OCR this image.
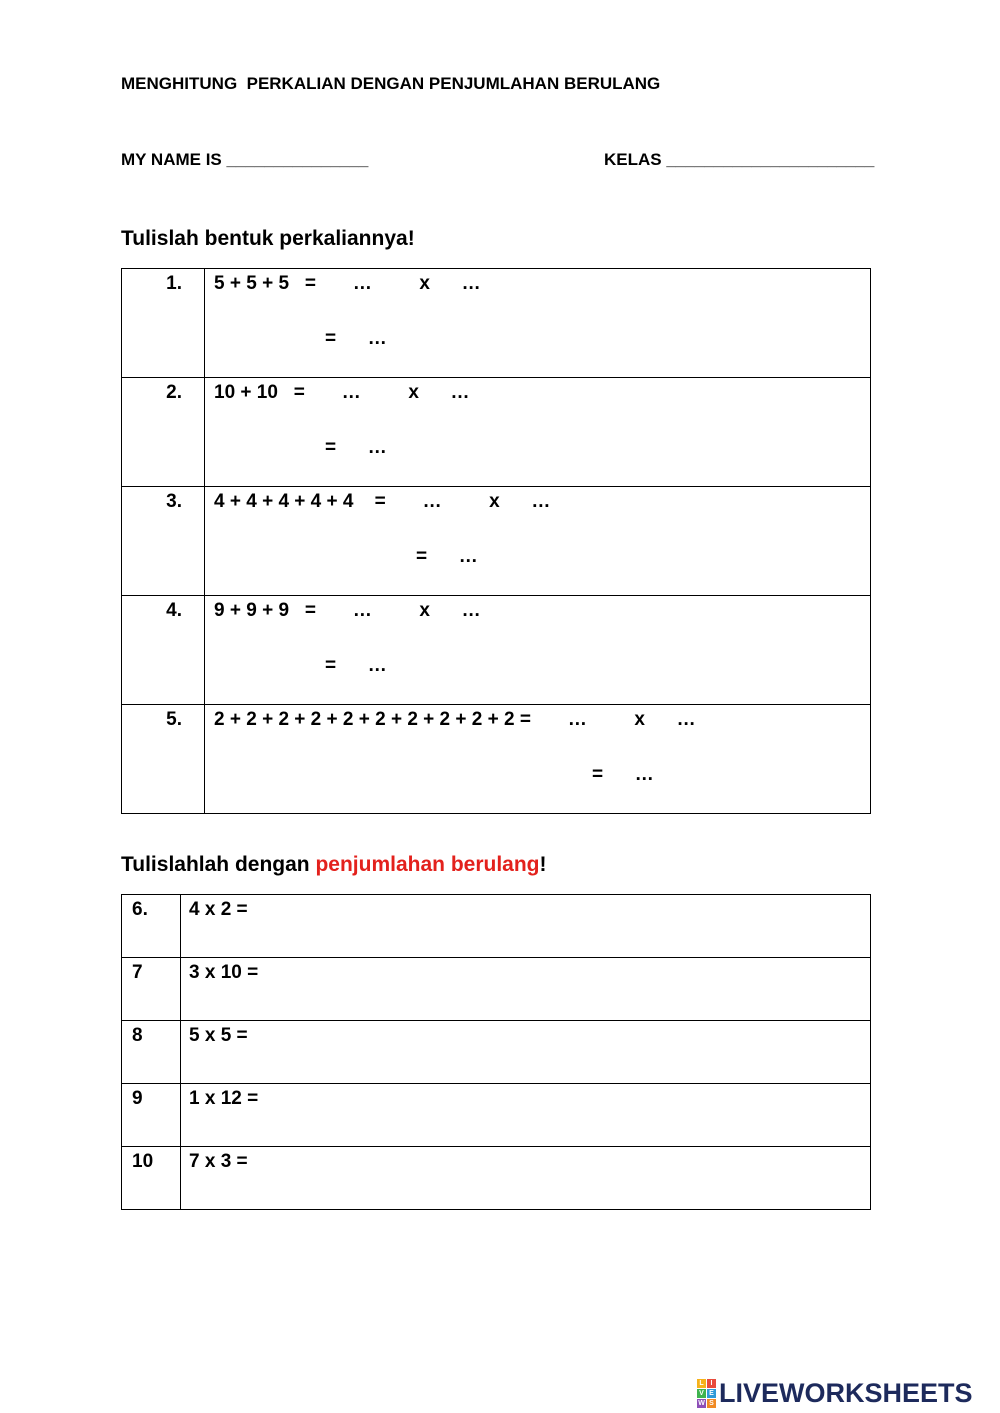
MENGHITUNG  PERKALIAN DENGAN PENJUMLAHAN BERULANG
MY NAME IS _______________	KELAS ______________________
Tulislah bentuk perkaliannya!
1.	5 + 5 + 5   =       …         x      …
=      …

2.	10 + 10   =       …         x      …
=      …

3.	4 + 4 + 4 + 4 + 4    =       …         x      …
=      …

4.	9 + 9 + 9   =       …         x      …
=      …

5.	2 + 2 + 2 + 2 + 2 + 2 + 2 + 2 + 2 + 2 =       …         x      …
=      …
Tulislahlah dengan penjumlahan berulang!
6.	4 x 2 =

7	3 x 10 =

8	5 x 5 =

9	1 x 12 =

10	7 x 3 =
L I
V E
W S LIVEWORKSHEETS
